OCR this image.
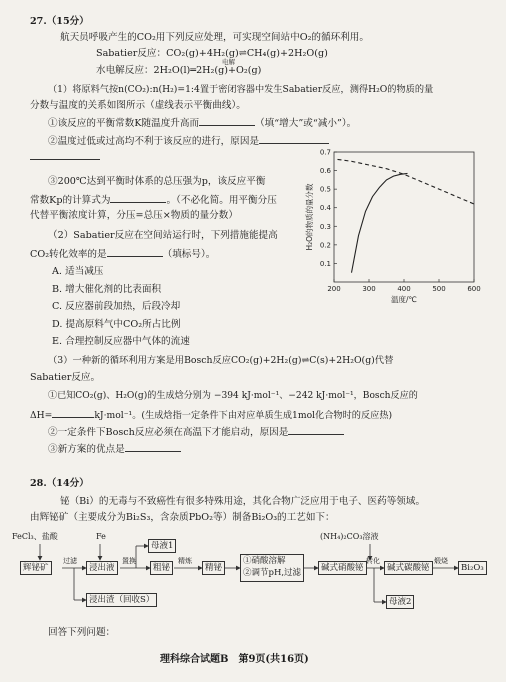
27.（15分）
航天员呼吸产生的CO₂用下列反应处理，可实现空间站中O₂的循环利用。
Sabatier反应：CO₂(g)+4H₂(g)⇌CH₄(g)+2H₂O(g)
水电解反应：2H₂O(l)═2H₂(g)+O₂(g)
电解
（1）将原料气按n(CO₂):n(H₂)=1:4置于密闭容器中发生Sabatier反应，测得H₂O的物质的量
分数与温度的关系如图所示（虚线表示平衡曲线）。
①该反应的平衡常数K随温度升高而	（填“增大”或“减小”）。
②温度过低或过高均不利于该反应的进行，原因是
③200℃达到平衡时体系的总压强为p，该反应平衡
常数Kp的计算式为	。（不必化简。用平衡分压
代替平衡浓度计算，分压=总压×物质的量分数）
（2）Sabatier反应在空间站运行时，下列措施能提高
CO₂转化效率的是	（填标号）。
A. 适当减压
B. 增大催化剂的比表面积
C. 反应器前段加热，后段冷却
D. 提高原料气中CO₂所占比例
E. 合理控制反应器中气体的流速
（3）一种新的循环利用方案是用Bosch反应CO₂(g)+2H₂(g)⇌C(s)+2H₂O(g)代替
Sabatier反应。
①已知CO₂(g)、H₂O(g)的生成焓分别为 −394 kJ·mol⁻¹、−242 kJ·mol⁻¹，Bosch反应的
ΔH=	kJ·mol⁻¹。(生成焓指一定条件下由对应单质生成1mol化合物时的反应热)
②一定条件下Bosch反应必须在高温下才能启动，原因是
③新方案的优点是
200	300	400	500	600
0.1
0.2
0.3
0.4
0.5
0.6
0.7
温度/℃
H₂O的物质的量分数
28.（14分）
铋（Bi）的无毒与不致癌性有很多特殊用途，其化合物广泛应用于电子、医药等领域。
由辉铋矿（主要成分为Bi₂S₃，含杂质PbO₂等）制备Bi₂O₃的工艺如下：
FeCl₃、盐酸	Fe	(NH₄)₂CO₃溶液
辉铋矿
过滤
浸出液
置换
母液1
粗铋
精炼
精铋
①硝酸溶解
②调节pH,过滤	碱式硝酸铋
转化
碱式碳酸铋
煅烧
Bi₂O₃
浸出渣（回收S）	母液2
回答下列问题：
理科综合试题B　第9页(共16页)
